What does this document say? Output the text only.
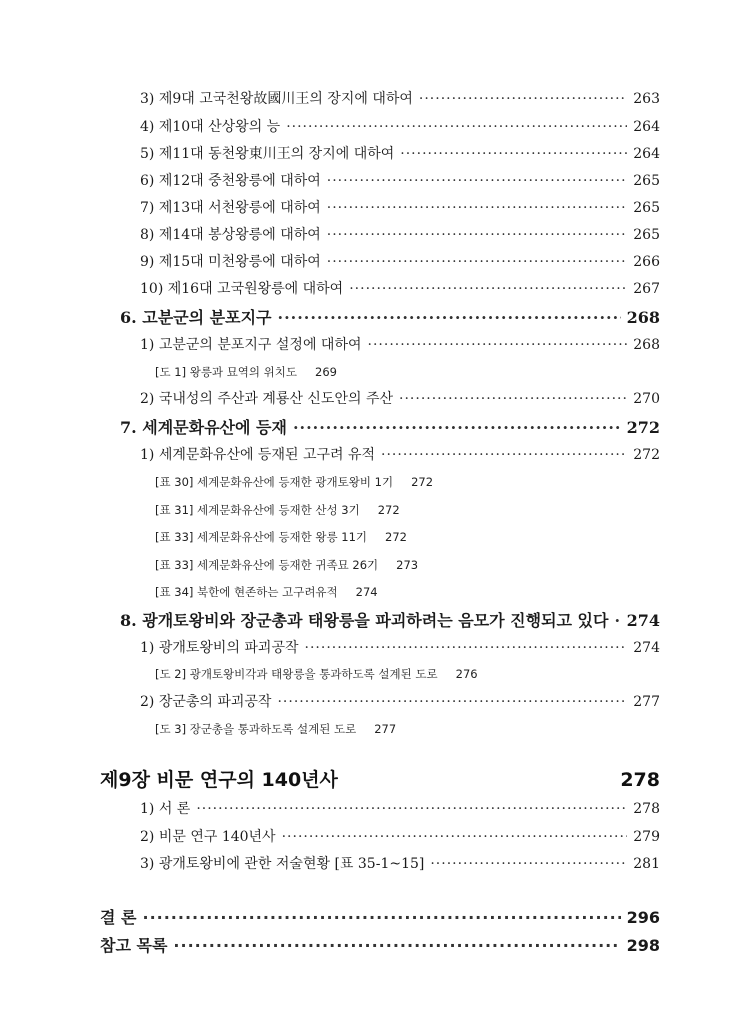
3) 제9대 고국천왕故國川王의 장지에 대하여 ·····	263
4) 제10대 산상왕의 능 ·····	264
5) 제11대 동천왕東川王의 장지에 대하여 ·····	264
6) 제12대 중천왕릉에 대하여 ·····	265
7) 제13대 서천왕릉에 대하여 ·····	265
8) 제14대 봉상왕릉에 대하여 ·····	265
9) 제15대 미천왕릉에 대하여 ·····	266
10) 제16대 고국원왕릉에 대하여 ·····	267
6. 고분군의 분포지구 ·····	268
1) 고분군의 분포지구 설정에 대하여 ·····	268
[도 1] 왕릉과 묘역의 위치도 269
2) 국내성의 주산과 계룡산 신도안의 주산 ·····	270
7. 세계문화유산에 등재 ·····	272
1) 세계문화유산에 등재된 고구려 유적 ·····	272
[표 30] 세계문화유산에 등재한 광개토왕비 1기 272
[표 31] 세계문화유산에 등재한 산성 3기 272
[표 33] 세계문화유산에 등재한 왕릉 11기 272
[표 33] 세계문화유산에 등재한 귀족묘 26기 273
[표 34] 북한에 현존하는 고구려유적 274
8. 광개토왕비와 장군총과 태왕릉을 파괴하려는 음모가 진행되고 있다 ····· 274
1) 광개토왕비의 파괴공작 ·····	274
[도 2] 광개토왕비각과 태왕릉을 통과하도록 설계된 도로 276
2) 장군총의 파괴공작 ·····	277
[도 3] 장군총을 통과하도록 설계된 도로 277
제9장 비문 연구의 140년사	278
1) 서 론 ·····	278
2) 비문 연구 140년사 ·····	279
3) 광개토왕비에 관한 저술현황 [표 35-1~15] ·····	281
결 론 ·····	296
참고 목록 ·····	298
